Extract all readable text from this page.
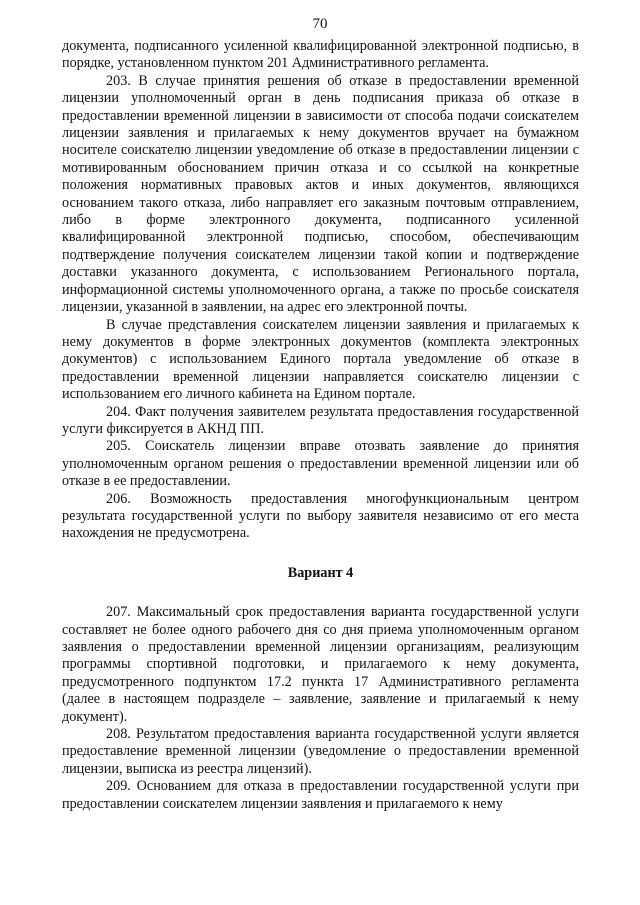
70

документа, подписанного усиленной квалифицированной электронной подписью, в порядке, установленном пунктом 201 Административного регламента.

203. В случае принятия решения об отказе в предоставлении временной лицензии уполномоченный орган в день подписания приказа об отказе в предоставлении временной лицензии в зависимости от способа подачи соискателем лицензии заявления и прилагаемых к нему документов вручает на бумажном носителе соискателю лицензии уведомление об отказе в предоставлении лицензии с мотивированным обоснованием причин отказа и со ссылкой на конкретные положения нормативных правовых актов и иных документов, являющихся основанием такого отказа, либо направляет его заказным почтовым отправлением, либо в форме электронного документа, подписанного усиленной квалифицированной электронной подписью, способом, обеспечивающим подтверждение получения соискателем лицензии такой копии и подтверждение доставки указанного документа, с использованием Регионального портала, информационной системы уполномоченного органа, а также по просьбе соискателя лицензии, указанной в заявлении, на адрес его электронной почты.

В случае представления соискателем лицензии заявления и прилагаемых к нему документов в форме электронных документов (комплекта электронных документов) с использованием Единого портала уведомление об отказе в предоставлении временной лицензии направляется соискателю лицензии с использованием его личного кабинета на Едином портале.

204. Факт получения заявителем результата предоставления государственной услуги фиксируется в АКНД ПП.

205. Соискатель лицензии вправе отозвать заявление до принятия уполномоченным органом решения о предоставлении временной лицензии или об отказе в ее предоставлении.

206. Возможность предоставления многофункциональным центром результата государственной услуги по выбору заявителя независимо от его места нахождения не предусмотрена.

Вариант 4

207. Максимальный срок предоставления варианта государственной услуги составляет не более одного рабочего дня со дня приема уполномоченным органом заявления о предоставлении временной лицензии организациям, реализующим программы спортивной подготовки, и прилагаемого к нему документа, предусмотренного подпунктом 17.2 пункта 17 Административного регламента (далее в настоящем подразделе – заявление, заявление и прилагаемый к нему документ).

208. Результатом предоставления варианта государственной услуги является предоставление временной лицензии (уведомление о предоставлении временной лицензии, выписка из реестра лицензий).

209. Основанием для отказа в предоставлении государственной услуги при предоставлении соискателем лицензии заявления и прилагаемого к нему
